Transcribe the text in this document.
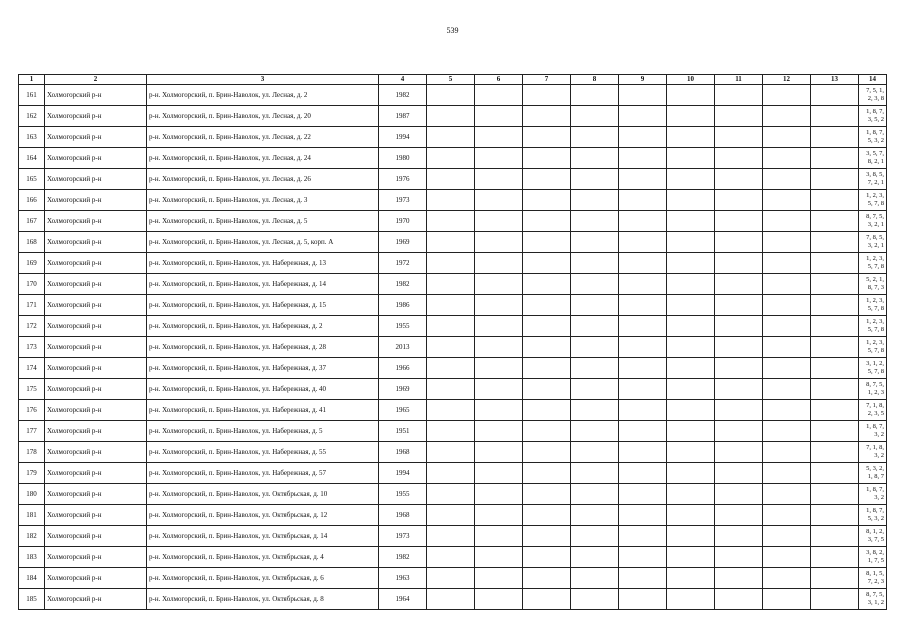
539
1	2	3	4	5	6	7	8	9	10	11	12	13	14
161	Холмогорский р-н	р-н. Холмогорский, п. Брин-Наволок, ул. Лесная, д. 2	1982										7, 5, 1, 2, 3, 8
162	Холмогорский р-н	р-н. Холмогорский, п. Брин-Наволок, ул. Лесная, д. 20	1987										1, 8, 7, 3, 5, 2
163	Холмогорский р-н	р-н. Холмогорский, п. Брин-Наволок, ул. Лесная, д. 22	1994										1, 8, 7, 5, 3, 2
164	Холмогорский р-н	р-н. Холмогорский, п. Брин-Наволок, ул. Лесная, д. 24	1980										3, 5, 7, 8, 2, 1
165	Холмогорский р-н	р-н. Холмогорский, п. Брин-Наволок, ул. Лесная, д. 26	1976										3, 8, 5, 7, 2, 1
166	Холмогорский р-н	р-н. Холмогорский, п. Брин-Наволок, ул. Лесная, д. 3	1973										1, 2, 3, 5, 7, 8
167	Холмогорский р-н	р-н. Холмогорский, п. Брин-Наволок, ул. Лесная, д. 5	1970										8, 7, 5, 3, 2, 1
168	Холмогорский р-н	р-н. Холмогорский, п. Брин-Наволок, ул. Лесная, д. 5, корп. А	1969										7, 8, 5, 3, 2, 1
169	Холмогорский р-н	р-н. Холмогорский, п. Брин-Наволок, ул. Набережная, д. 13	1972										1, 2, 3, 5, 7, 8
170	Холмогорский р-н	р-н. Холмогорский, п. Брин-Наволок, ул. Набережная, д. 14	1982										5, 2, 1, 8, 7, 3
171	Холмогорский р-н	р-н. Холмогорский, п. Брин-Наволок, ул. Набережная, д. 15	1986										1, 2, 3, 5, 7, 8
172	Холмогорский р-н	р-н. Холмогорский, п. Брин-Наволок, ул. Набережная, д. 2	1955										1, 2, 3, 5, 7, 8
173	Холмогорский р-н	р-н. Холмогорский, п. Брин-Наволок, ул. Набережная, д. 28	2013										1, 2, 3, 5, 7, 8
174	Холмогорский р-н	р-н. Холмогорский, п. Брин-Наволок, ул. Набережная, д. 37	1966										3, 1, 2, 5, 7, 8
175	Холмогорский р-н	р-н. Холмогорский, п. Брин-Наволок, ул. Набережная, д. 40	1969										8, 7, 5, 1, 2, 3
176	Холмогорский р-н	р-н. Холмогорский, п. Брин-Наволок, ул. Набережная, д. 41	1965										7, 1, 8, 2, 3, 5
177	Холмогорский р-н	р-н. Холмогорский, п. Брин-Наволок, ул. Набережная, д. 5	1951										1, 8, 7, 3, 2
178	Холмогорский р-н	р-н. Холмогорский, п. Брин-Наволок, ул. Набережная, д. 55	1968										7, 1, 8, 3, 2
179	Холмогорский р-н	р-н. Холмогорский, п. Брин-Наволок, ул. Набережная, д. 57	1994										5, 3, 2, 1, 8, 7
180	Холмогорский р-н	р-н. Холмогорский, п. Брин-Наволок, ул. Октябрьская, д. 10	1955										1, 8, 7, 3, 2
181	Холмогорский р-н	р-н. Холмогорский, п. Брин-Наволок, ул. Октябрьская, д. 12	1968										1, 8, 7, 5, 3, 2
182	Холмогорский р-н	р-н. Холмогорский, п. Брин-Наволок, ул. Октябрьская, д. 14	1973										8, 1, 2, 3, 7, 5
183	Холмогорский р-н	р-н. Холмогорский, п. Брин-Наволок, ул. Октябрьская, д. 4	1982										3, 8, 2, 1, 7, 5
184	Холмогорский р-н	р-н. Холмогорский, п. Брин-Наволок, ул. Октябрьская, д. 6	1963										8, 1, 5, 7, 2, 3
185	Холмогорский р-н	р-н. Холмогорский, п. Брин-Наволок, ул. Октябрьская, д. 8	1964										8, 7, 5, 3, 1, 2
